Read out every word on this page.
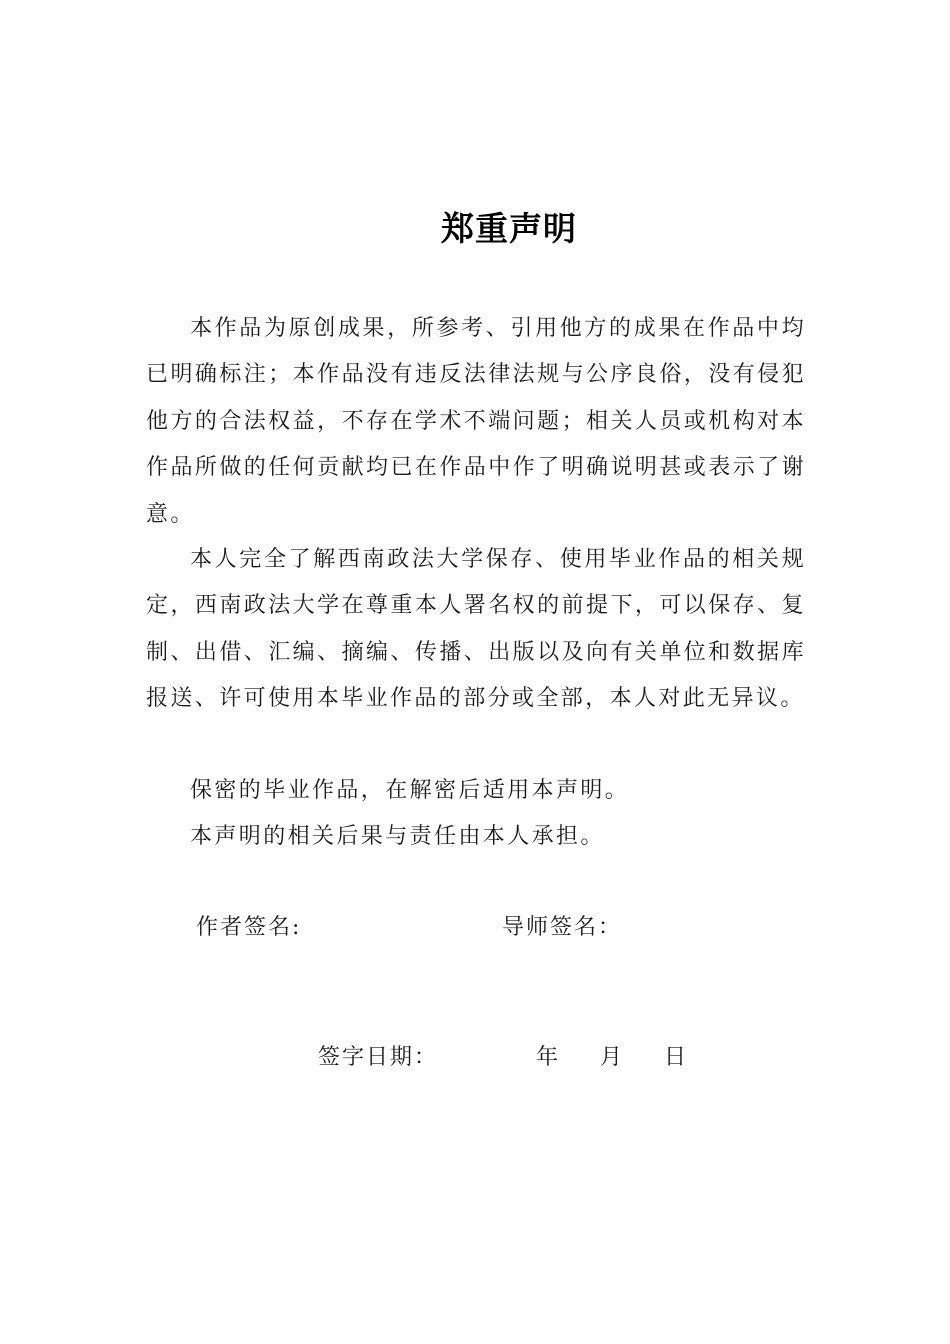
郑重声明

本作品为原创成果，所参考、引用他方的成果在作品中均已明确标注；本作品没有违反法律法规与公序良俗，没有侵犯他方的合法权益，不存在学术不端问题；相关人员或机构对本作品所做的任何贡献均已在作品中作了明确说明甚或表示了谢意。

本人完全了解西南政法大学保存、使用毕业作品的相关规定，西南政法大学在尊重本人署名权的前提下，可以保存、复制、出借、汇编、摘编、传播、出版以及向有关单位和数据库报送、许可使用本毕业作品的部分或全部，本人对此无异议。

保密的毕业作品，在解密后适用本声明。

本声明的相关后果与责任由本人承担。

作者签名:	导师签名：
签字日期：	年 月 日
